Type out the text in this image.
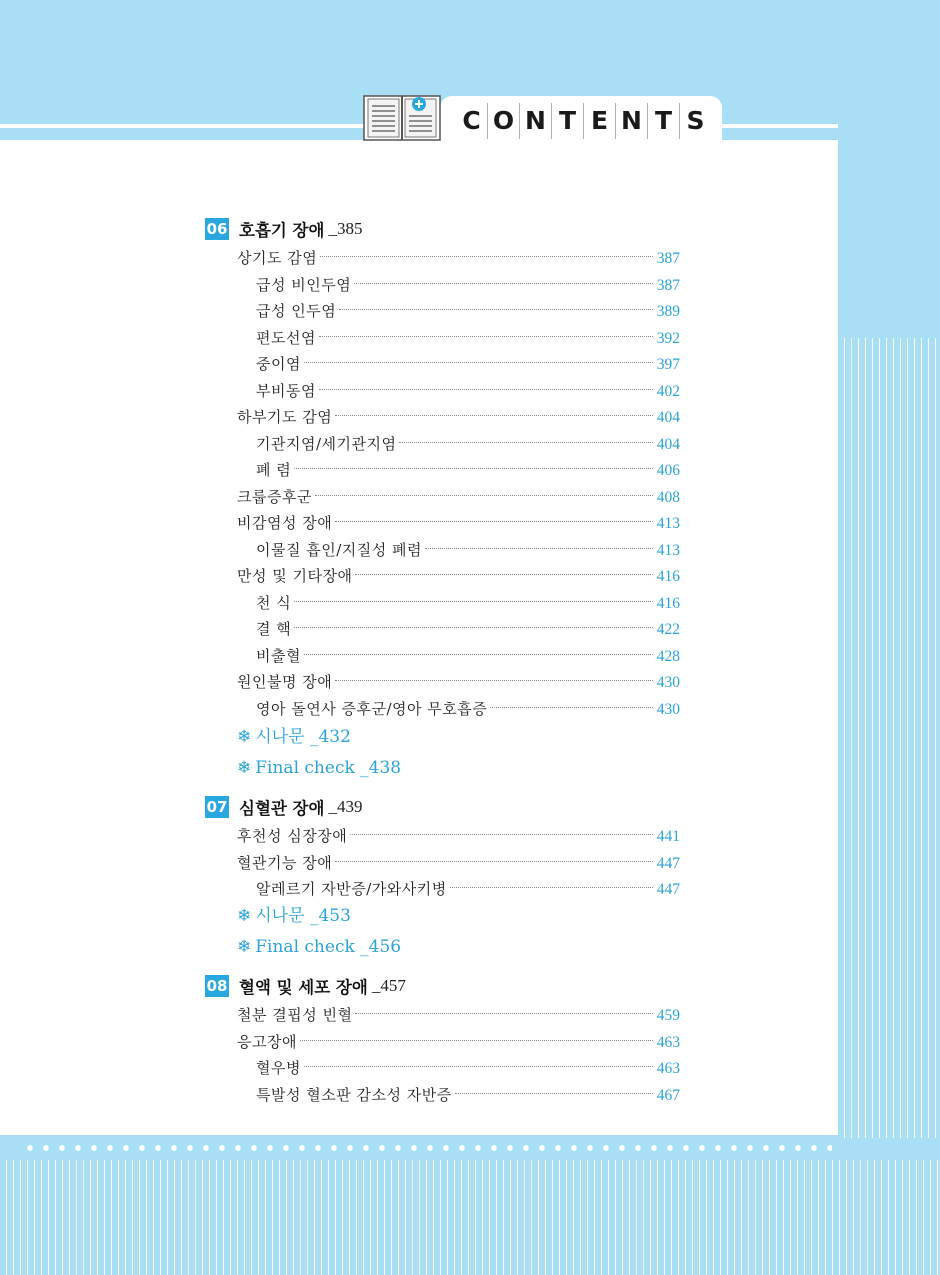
C O N T E N T S
06 호흡기 장애 _385
상기도 감염	387
급성 비인두염	387
급성 인두염	389
편도선염	392
중이염	397
부비동염	402
하부기도 감염	404
기관지염/세기관지염	404
폐 렴	406
크룹증후군	408
비감염성 장애	413
이물질 흡인/지질성 폐렴	413
만성 및 기타장애	416
천 식	416
결 핵	422
비출혈	428
원인불명 장애	430
영아 돌연사 증후군/영아 무호흡증	430
❄ 시나문 _432
❄ Final check _438
07 심혈관 장애 _439
후천성 심장장애	441
혈관기능 장애	447
알레르기 자반증/가와사키병	447
❄ 시나문 _453
❄ Final check _456
08 혈액 및 세포 장애 _457
철분 결핍성 빈혈	459
응고장애	463
혈우병	463
특발성 혈소판 감소성 자반증	467
